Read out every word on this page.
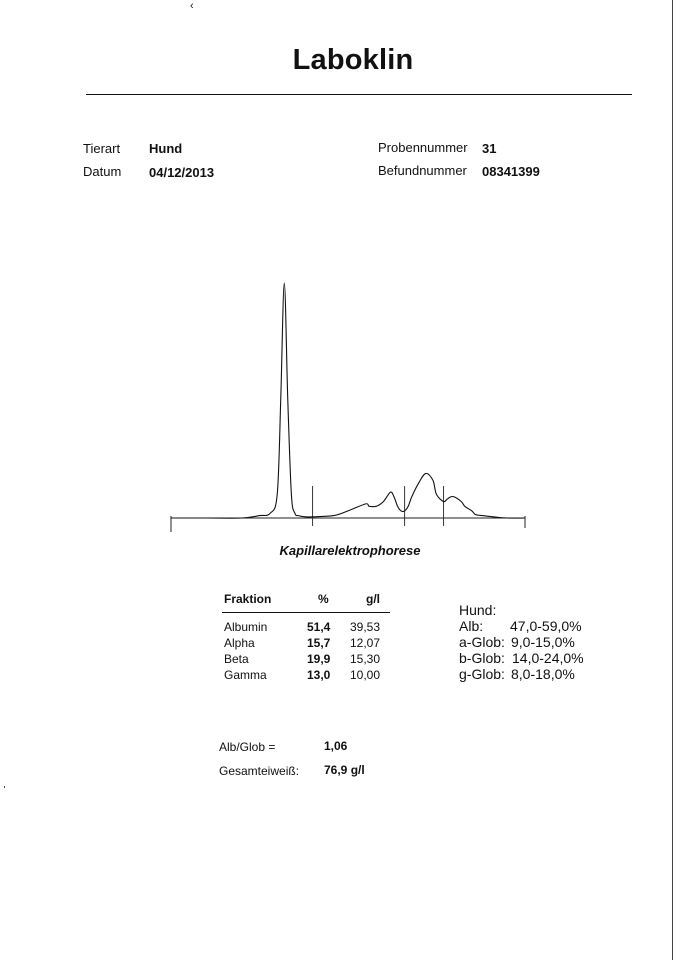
‹
Laboklin
Tierart Hund
Datum 04/12/2013
Probennummer 31
Befundnummer 08341399
Kapillarelektrophorese
Fraktion	%	g/l
Albumin	51,4 39,53
Alpha	15,7 12,07
Beta	19,9 15,30
Gamma	13,0 10,00
Hund:
Alb: 47,0-59,0%
a-Glob: 9,0-15,0%
b-Glob: 14,0-24,0%
g-Glob: 8,0-18,0%
Alb/Glob =	1,06
Gesamteiweiß: 76,9 g/l
